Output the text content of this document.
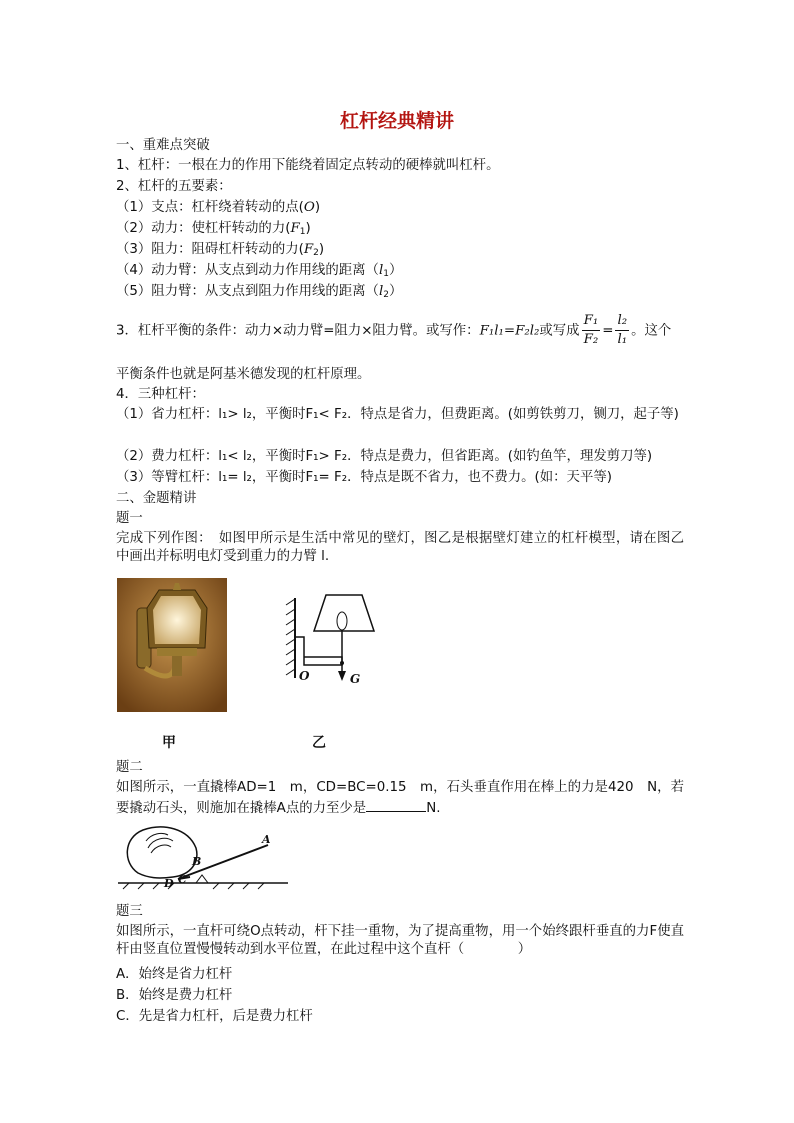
杠杆经典精讲
一、重难点突破
1、杠杆：一根在力的作用下能绕着固定点转动的硬棒就叫杠杆。
2、杠杆的五要素：
（1）支点：杠杆绕着转动的点(O)
（2）动力：使杠杆转动的力$(F_1)$
（3）阻力：阻碍杠杆转动的力$(F_2)$
（4）动力臂：从支点到动力作用线的距离$(l_1)$
（5）阻力臂：从支点到阻力作用线的距离$(l_2)$
3．杠杆平衡的条件：动力×动力臂=阻力×阻力臂。或写作：F₁l₁=F₂l₂或写成 $\frac{\text{F₁}}{\text{F₂}} = \frac{\text{l₂}}{\text{l₁}}$ 。这个
平衡条件也就是阿基米德发现的杠杆原理。
4．三种杠杆：
（1）省力杠杆：l₁> l₂，平衡时F₁< F₂．特点是省力，但费距离。(如剪铁剪刀，铡刀，起子等)
（2）费力杠杆：l₁< l₂，平衡时F₁> F₂．特点是费力，但省距离。(如钓鱼竿，理发剪刀等)
（3）等臂杠杆：l₁= l₂，平衡时F₁= F₂．特点是既不省力，也不费力。(如：天平等)
二、金题精讲
题一
完成下列作图：　如图甲所示是生活中常见的壁灯，图乙是根据壁灯建立的杠杆模型，请在图乙中画出并标明电灯受到重力的力臂 l.
O	G
甲	乙
题二
如图所示，一直撬棒AD=1　m，CD=BC=0.15　m，石头垂直作用在棒上的力是420　N，若要撬动石头，则施加在撬棒A点的力至少是	N.
A
B
C
D
题三
如图所示，一直杆可绕O点转动，杆下挂一重物，为了提高重物，用一个始终跟杆垂直的力F使直杆由竖直位置慢慢转动到水平位置，在此过程中这个直杆（　　　　）
A．始终是省力杠杆
B．始终是费力杠杆
C．先是省力杠杆，后是费力杠杆
